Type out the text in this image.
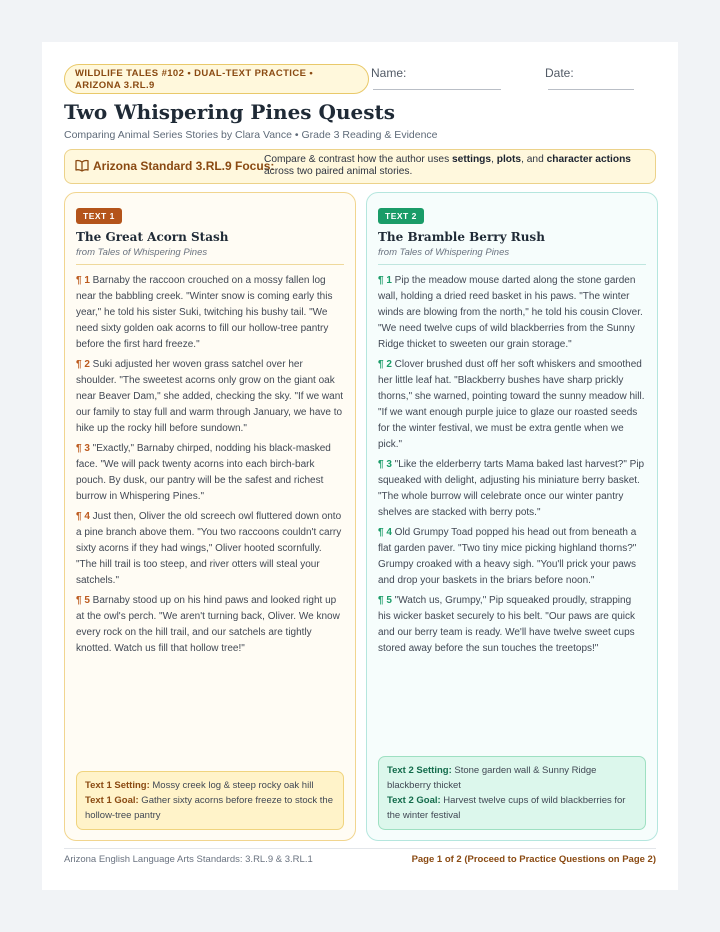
WILDLIFE TALES #102 • DUAL-TEXT PRACTICE • ARIZONA 3.RL.9
Name:	Date:
Two Whispering Pines Quests
Comparing Animal Series Stories by Clara Vance • Grade 3 Reading & Evidence
Arizona Standard 3.RL.9 Focus:
Compare & contrast how the author uses settings, plots, and character actions across two paired animal stories.
TEXT 1
The Great Acorn Stash
from Tales of Whispering Pines

¶ 1 Barnaby the raccoon crouched on a mossy fallen log near the babbling creek. "Winter snow is coming early this year," he told his sister Suki, twitching his bushy tail. "We need sixty golden oak acorns to fill our hollow-tree pantry before the first hard freeze."

¶ 2 Suki adjusted her woven grass satchel over her shoulder. "The sweetest acorns only grow on the giant oak near Beaver Dam," she added, checking the sky. "If we want our family to stay full and warm through January, we have to hike up the rocky hill before sundown."

¶ 3 "Exactly," Barnaby chirped, nodding his black-masked face. "We will pack twenty acorns into each birch-bark pouch. By dusk, our pantry will be the safest and richest burrow in Whispering Pines."

¶ 4 Just then, Oliver the old screech owl fluttered down onto a pine branch above them. "You two raccoons couldn't carry sixty acorns if they had wings," Oliver hooted scornfully. "The hill trail is too steep, and river otters will steal your satchels."

¶ 5 Barnaby stood up on his hind paws and looked right up at the owl's perch. "We aren't turning back, Oliver. We know every rock on the hill trail, and our satchels are tightly knotted. Watch us fill that hollow tree!"

Text 1 Setting: Mossy creek log & steep rocky oak hill

Text 1 Goal: Gather sixty acorns before freeze to stock the hollow-tree pantry

TEXT 2
The Bramble Berry Rush
from Tales of Whispering Pines

¶ 1 Pip the meadow mouse darted along the stone garden wall, holding a dried reed basket in his paws. "The winter winds are blowing from the north," he told his cousin Clover. "We need twelve cups of wild blackberries from the Sunny Ridge thicket to sweeten our grain storage."

¶ 2 Clover brushed dust off her soft whiskers and smoothed her little leaf hat. "Blackberry bushes have sharp prickly thorns," she warned, pointing toward the sunny meadow hill. "If we want enough purple juice to glaze our roasted seeds for the winter festival, we must be extra gentle when we pick."

¶ 3 "Like the elderberry tarts Mama baked last harvest?" Pip squeaked with delight, adjusting his miniature berry basket. "The whole burrow will celebrate once our winter pantry shelves are stacked with berry pots."

¶ 4 Old Grumpy Toad popped his head out from beneath a flat garden paver. "Two tiny mice picking highland thorns?" Grumpy croaked with a heavy sigh. "You'll prick your paws and drop your baskets in the briars before noon."

¶ 5 "Watch us, Grumpy," Pip squeaked proudly, strapping his wicker basket securely to his belt. "Our paws are quick and our berry team is ready. We'll have twelve sweet cups stored away before the sun touches the treetops!"

Text 2 Setting: Stone garden wall & Sunny Ridge blackberry thicket

Text 2 Goal: Harvest twelve cups of wild blackberries for the winter festival

Arizona English Language Arts Standards: 3.RL.9 & 3.RL.1	Page 1 of 2 (Proceed to Practice Questions on Page 2)
